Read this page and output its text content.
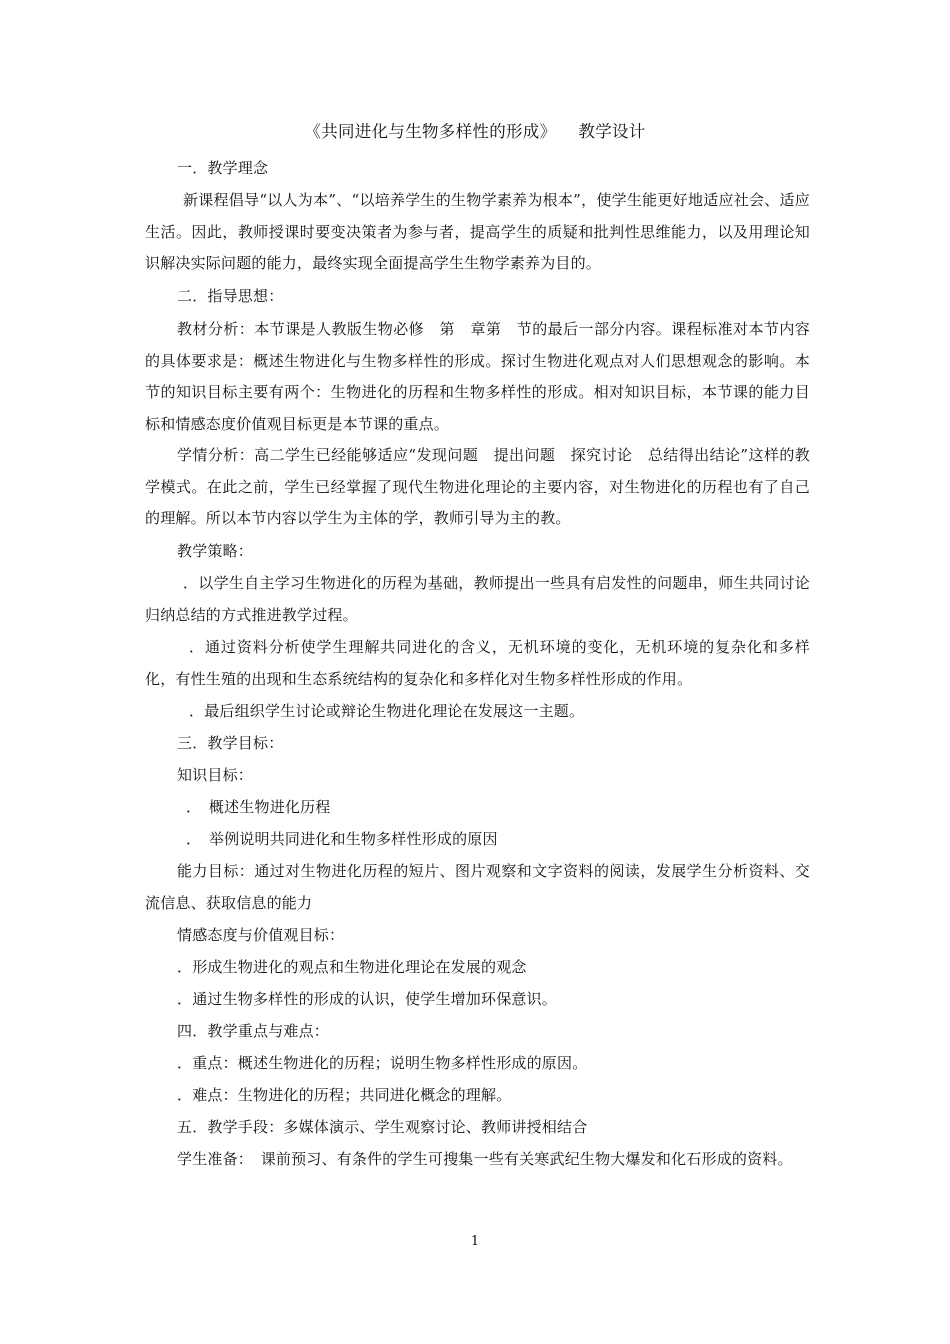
《共同进化与生物多样性的形成》 教学设计
一．教学理念
新课程倡导“以人为本”、“以培养学生的生物学素养为根本”，使学生能更好地适应社会、适应生活。因此，教师授课时要变决策者为参与者，提高学生的质疑和批判性思维能力，以及用理论知识解决实际问题的能力，最终实现全面提高学生生物学素养为目的。
二．指导思想：
教材分析：本节课是人教版生物必修　第　章第　节的最后一部分内容。课程标准对本节内容的具体要求是：概述生物进化与生物多样性的形成。探讨生物进化观点对人们思想观念的影响。本节的知识目标主要有两个：生物进化的历程和生物多样性的形成。相对知识目标，本节课的能力目标和情感态度价值观目标更是本节课的重点。
学情分析：高二学生已经能够适应“发现问题　提出问题　探究讨论　总结得出结论”这样的教学模式。在此之前，学生已经掌握了现代生物进化理论的主要内容，对生物进化的历程也有了自己的理解。所以本节内容以学生为主体的学，教师引导为主的教。
教学策略：
．以学生自主学习生物进化的历程为基础，教师提出一些具有启发性的问题串，师生共同讨论归纳总结的方式推进教学过程。
．通过资料分析使学生理解共同进化的含义，无机环境的变化，无机环境的复杂化和多样化，有性生殖的出现和生态系统结构的复杂化和多样化对生物多样性形成的作用。
．最后组织学生讨论或辩论生物进化理论在发展这一主题。
三．教学目标：
知识目标：
．　概述生物进化历程
．　举例说明共同进化和生物多样性形成的原因
能力目标：通过对生物进化历程的短片、图片观察和文字资料的阅读，发展学生分析资料、交流信息、获取信息的能力
情感态度与价值观目标：
．形成生物进化的观点和生物进化理论在发展的观念
．通过生物多样性的形成的认识，使学生增加环保意识。
四．教学重点与难点：
．重点：概述生物进化的历程；说明生物多样性形成的原因。
．难点：生物进化的历程；共同进化概念的理解。
五．教学手段：多媒体演示、学生观察讨论、教师讲授相结合
学生准备：　课前预习、有条件的学生可搜集一些有关寒武纪生物大爆发和化石形成的资料。
1
